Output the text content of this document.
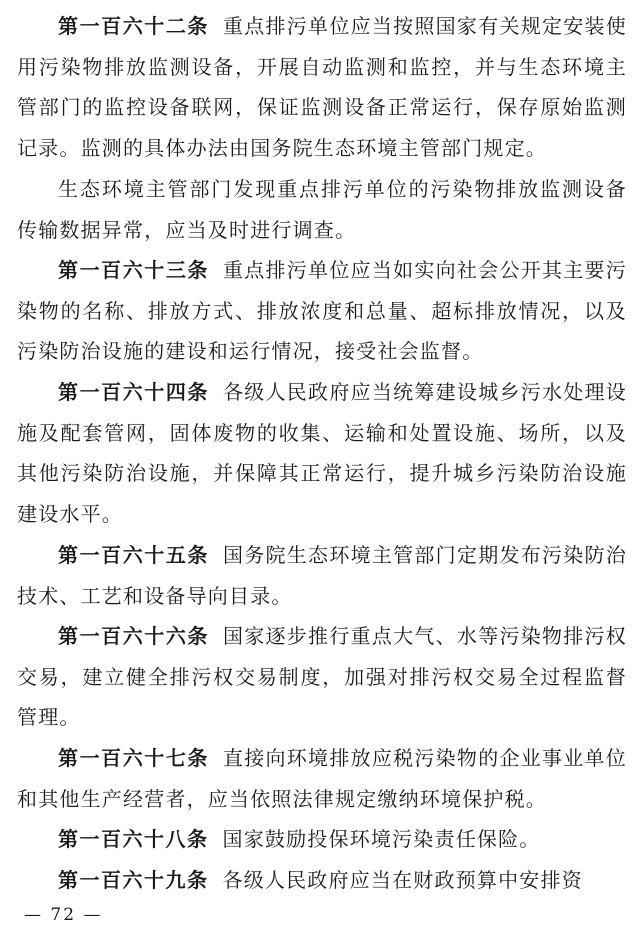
第一百六十二条 重点排污单位应当按照国家有关规定安装使用污染物排放监测设备，开展自动监测和监控，并与生态环境主管部门的监控设备联网，保证监测设备正常运行，保存原始监测记录。监测的具体办法由国务院生态环境主管部门规定。

生态环境主管部门发现重点排污单位的污染物排放监测设备传输数据异常，应当及时进行调查。

第一百六十三条 重点排污单位应当如实向社会公开其主要污染物的名称、排放方式、排放浓度和总量、超标排放情况，以及污染防治设施的建设和运行情况，接受社会监督。

第一百六十四条 各级人民政府应当统筹建设城乡污水处理设施及配套管网，固体废物的收集、运输和处置设施、场所，以及其他污染防治设施，并保障其正常运行，提升城乡污染防治设施建设水平。

第一百六十五条 国务院生态环境主管部门定期发布污染防治技术、工艺和设备导向目录。

第一百六十六条 国家逐步推行重点大气、水等污染物排污权交易，建立健全排污权交易制度，加强对排污权交易全过程监督管理。

第一百六十七条 直接向环境排放应税污染物的企业事业单位和其他生产经营者，应当依照法律规定缴纳环境保护税。

第一百六十八条 国家鼓励投保环境污染责任保险。

第一百六十九条 各级人民政府应当在财政预算中安排资

— 72 —
